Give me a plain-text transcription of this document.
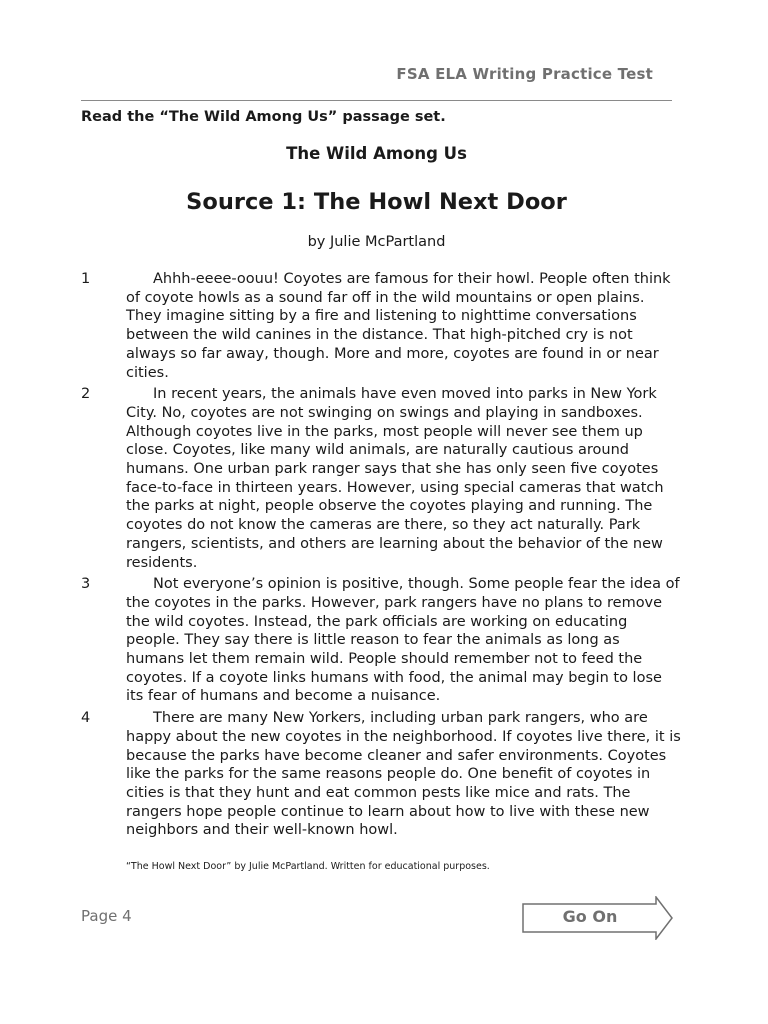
FSA ELA Writing Practice Test
Read the “The Wild Among Us” passage set.
The Wild Among Us
Source 1: The Howl Next Door
by Julie McPartland
1	Ahhh-eeee-oouu! Coyotes are famous for their howl. People often think of coyote howls as a sound far off in the wild mountains or open plains. They imagine sitting by a fire and listening to nighttime conversations between the wild canines in the distance. That high-pitched cry is not always so far away, though. More and more, coyotes are found in or near cities.

2	In recent years, the animals have even moved into parks in New York City. No, coyotes are not swinging on swings and playing in sandboxes. Although coyotes live in the parks, most people will never see them up close. Coyotes, like many wild animals, are naturally cautious around humans. One urban park ranger says that she has only seen five coyotes face-to-face in thirteen years. However, using special cameras that watch the parks at night, people observe the coyotes playing and running. The coyotes do not know the cameras are there, so they act naturally. Park rangers, scientists, and others are learning about the behavior of the new residents.

3	Not everyone’s opinion is positive, though. Some people fear the idea of the coyotes in the parks. However, park rangers have no plans to remove the wild coyotes. Instead, the park officials are working on educating people. They say there is little reason to fear the animals as long as humans let them remain wild. People should remember not to feed the coyotes. If a coyote links humans with food, the animal may begin to lose its fear of humans and become a nuisance.

4	There are many New Yorkers, including urban park rangers, who are happy about the new coyotes in the neighborhood. If coyotes live there, it is because the parks have become cleaner and safer environments. Coyotes like the parks for the same reasons people do. One benefit of coyotes in cities is that they hunt and eat common pests like mice and rats. The rangers hope people continue to learn about how to live with these new neighbors and their well-known howl.

“The Howl Next Door” by Julie McPartland. Written for educational purposes.
Page 4	Go On
